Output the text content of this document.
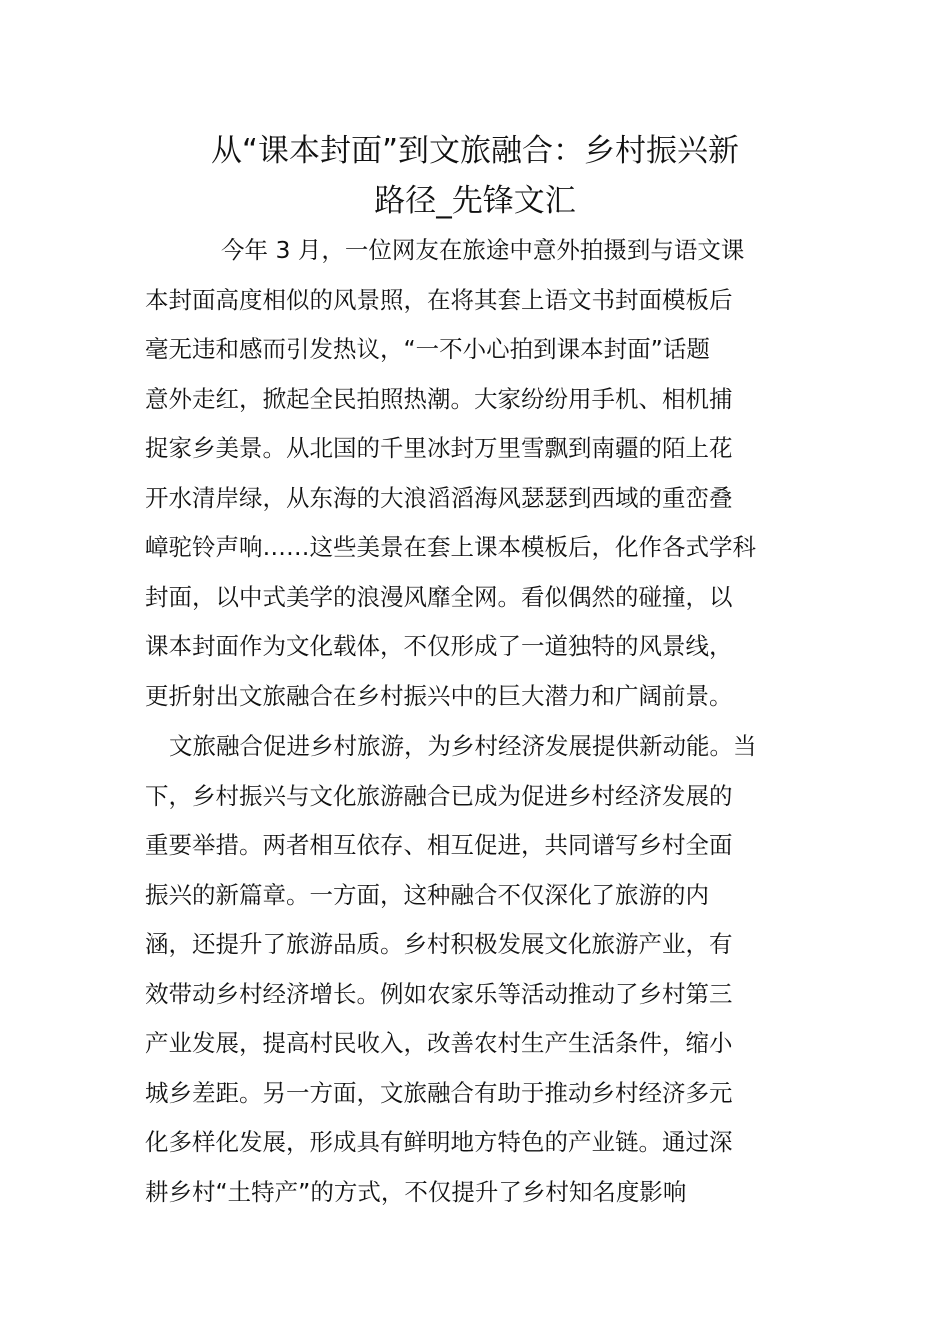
从“课本封面”到文旅融合：乡村振兴新
路径_先锋文汇
今年 3 月，一位网友在旅途中意外拍摄到与语文课
本封面高度相似的风景照，在将其套上语文书封面模板后
毫无违和感而引发热议，“一不小心拍到课本封面”话题
意外走红，掀起全民拍照热潮。大家纷纷用手机、相机捕
捉家乡美景。从北国的千里冰封万里雪飘到南疆的陌上花
开水清岸绿，从东海的大浪滔滔海风瑟瑟到西域的重峦叠
嶂驼铃声响……这些美景在套上课本模板后，化作各式学科
封面，以中式美学的浪漫风靡全网。看似偶然的碰撞，以
课本封面作为文化载体，不仅形成了一道独特的风景线，
更折射出文旅融合在乡村振兴中的巨大潜力和广阔前景。
文旅融合促进乡村旅游，为乡村经济发展提供新动能。当
下，乡村振兴与文化旅游融合已成为促进乡村经济发展的
重要举措。两者相互依存、相互促进，共同谱写乡村全面
振兴的新篇章。一方面，这种融合不仅深化了旅游的内
涵，还提升了旅游品质。乡村积极发展文化旅游产业，有
效带动乡村经济增长。例如农家乐等活动推动了乡村第三
产业发展，提高村民收入，改善农村生产生活条件，缩小
城乡差距。另一方面，文旅融合有助于推动乡村经济多元
化多样化发展，形成具有鲜明地方特色的产业链。通过深
耕乡村“土特产”的方式，不仅提升了乡村知名度影响
